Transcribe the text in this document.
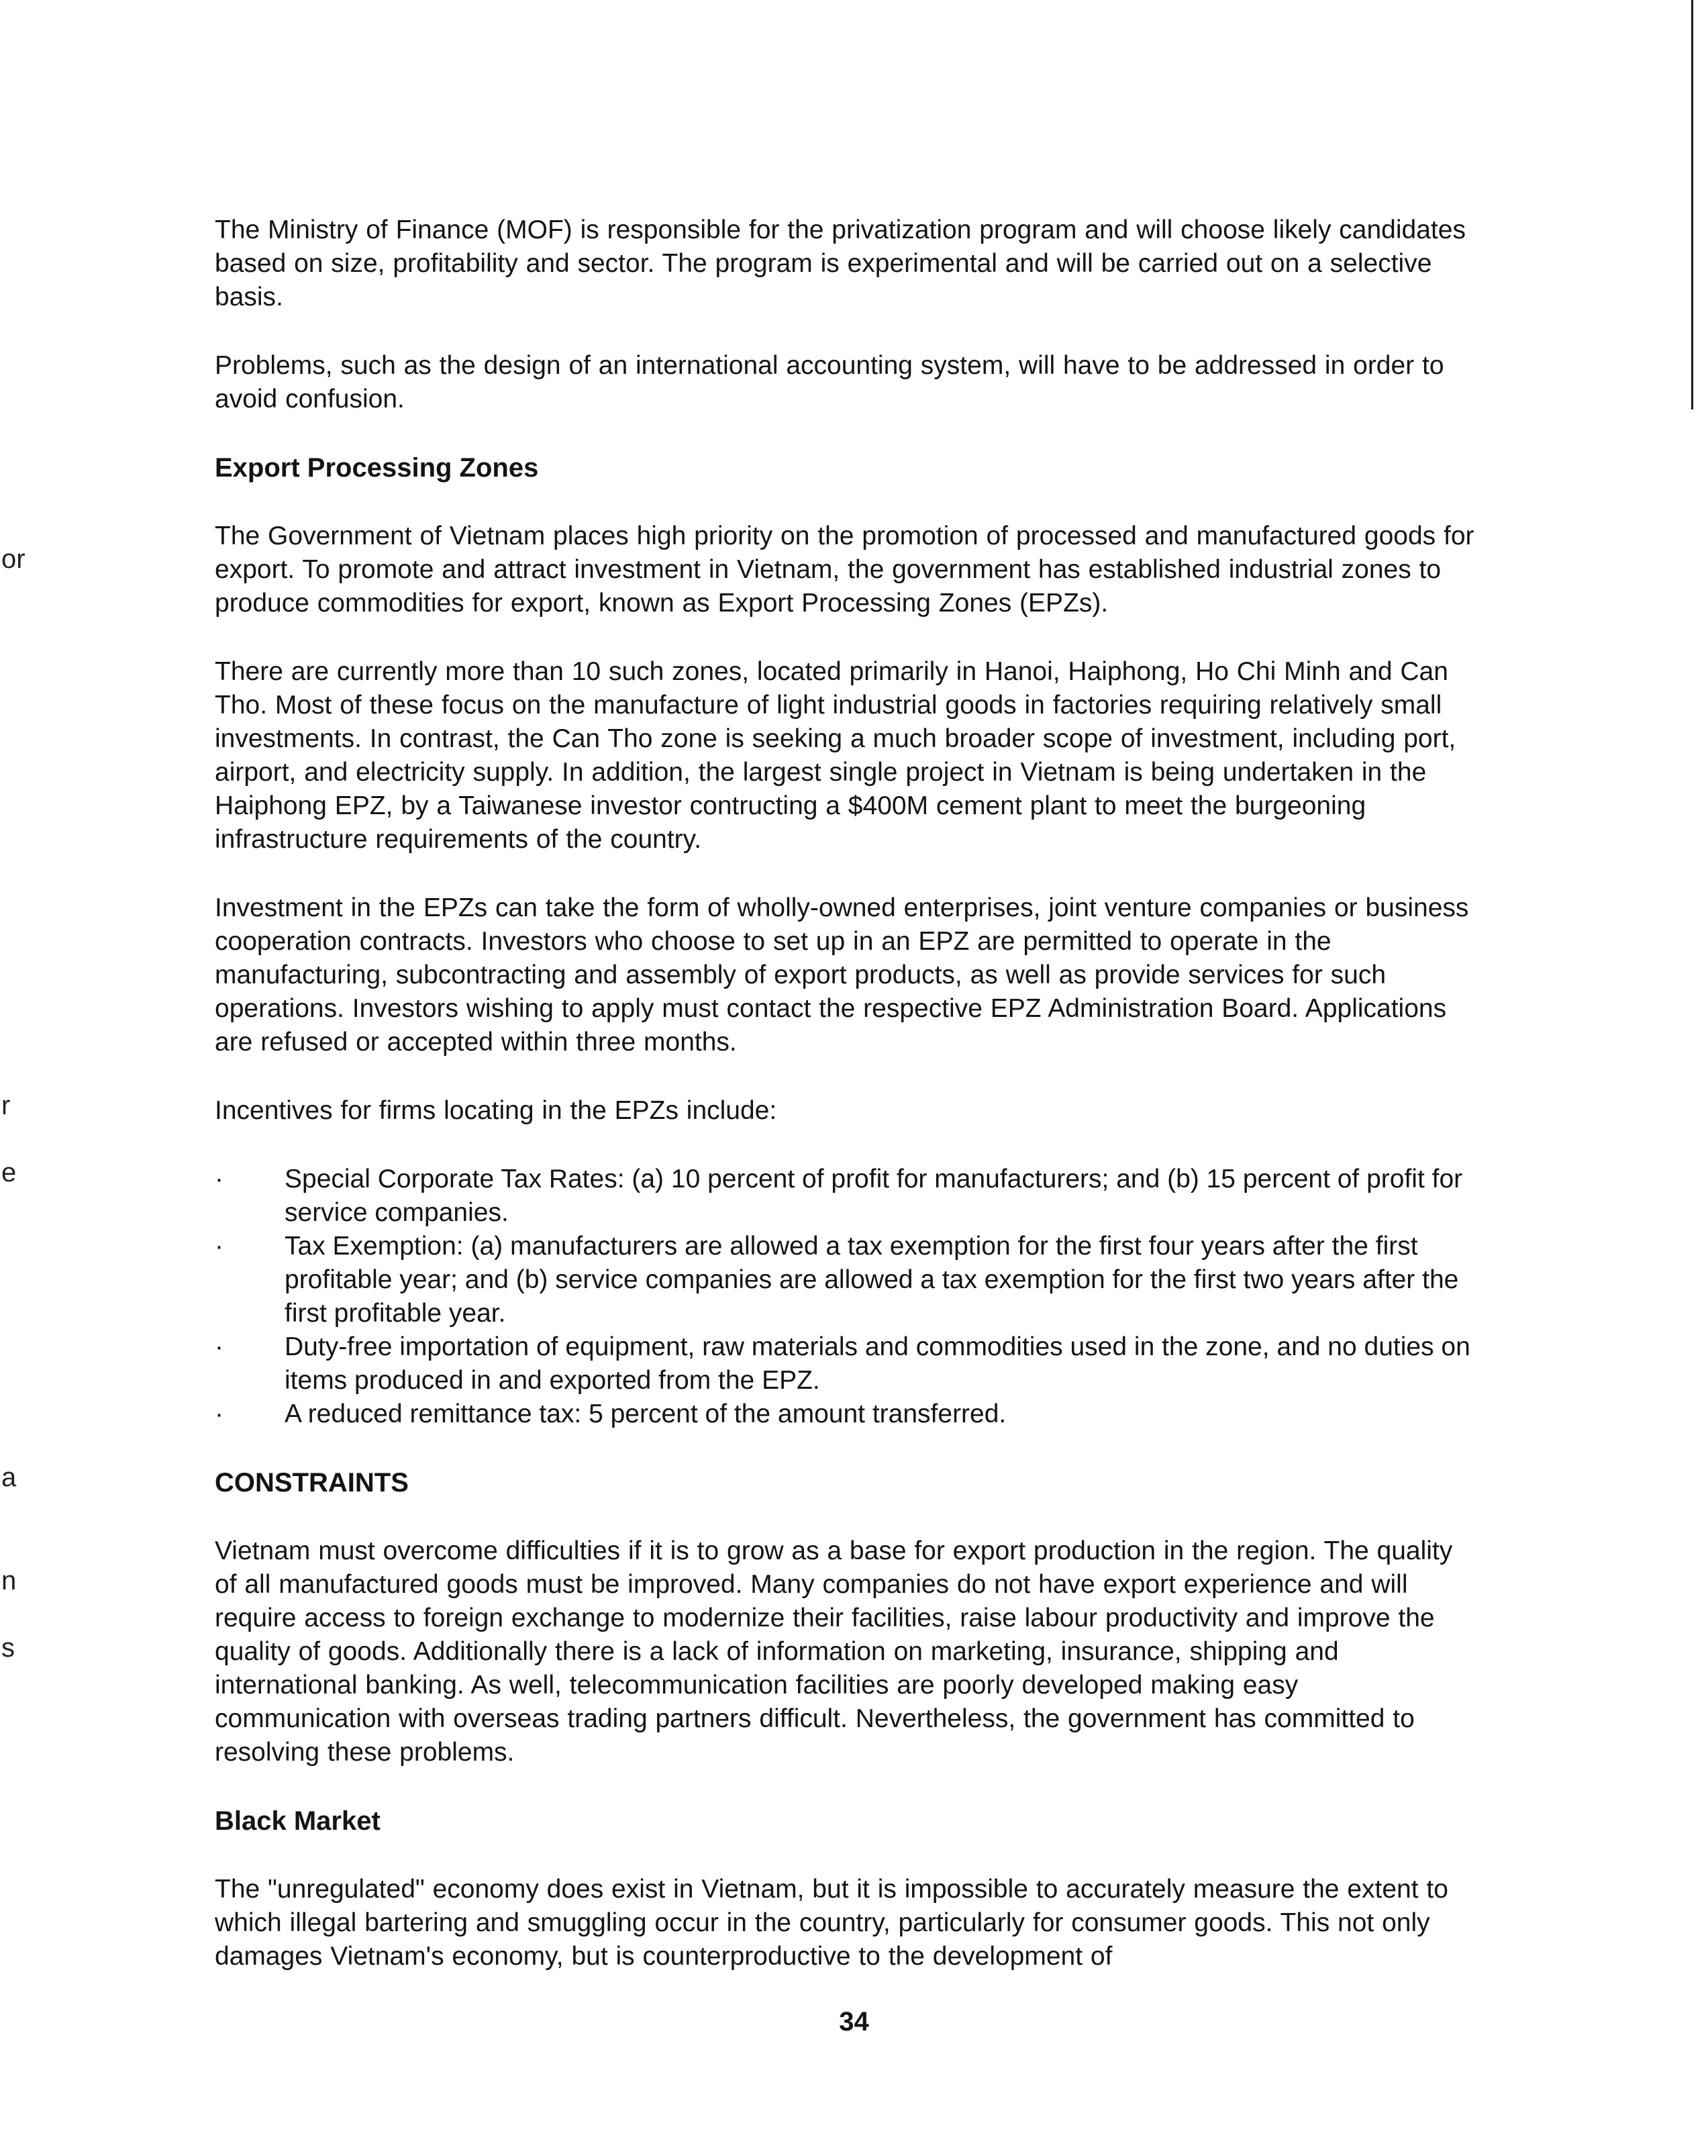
or
r
e
a
n
s

The Ministry of Finance (MOF) is responsible for the privatization program and will choose likely candidates based on size, profitability and sector. The program is experimental and will be carried out on a selective basis.

Problems, such as the design of an international accounting system, will have to be addressed in order to avoid confusion.

Export Processing Zones

The Government of Vietnam places high priority on the promotion of processed and manufactured goods for export. To promote and attract investment in Vietnam, the government has established industrial zones to produce commodities for export, known as Export Processing Zones (EPZs).

There are currently more than 10 such zones, located primarily in Hanoi, Haiphong, Ho Chi Minh and Can Tho. Most of these focus on the manufacture of light industrial goods in factories requiring relatively small investments. In contrast, the Can Tho zone is seeking a much broader scope of investment, including port, airport, and electricity supply. In addition, the largest single project in Vietnam is being undertaken in the Haiphong EPZ, by a Taiwanese investor contructing a $400M cement plant to meet the burgeoning infrastructure requirements of the country.

Investment in the EPZs can take the form of wholly-owned enterprises, joint venture companies or business cooperation contracts. Investors who choose to set up in an EPZ are permitted to operate in the manufacturing, subcontracting and assembly of export products, as well as provide services for such operations. Investors wishing to apply must contact the respective EPZ Administration Board. Applications are refused or accepted within three months.

Incentives for firms locating in the EPZs include:

·	Special Corporate Tax Rates: (a) 10 percent of profit for manufacturers; and (b) 15 percent of profit for service companies.
·	Tax Exemption: (a) manufacturers are allowed a tax exemption for the first four years after the first profitable year; and (b) service companies are allowed a tax exemption for the first two years after the first profitable year.
·	Duty-free importation of equipment, raw materials and commodities used in the zone, and no duties on items produced in and exported from the EPZ.
·	A reduced remittance tax: 5 percent of the amount transferred.
CONSTRAINTS

Vietnam must overcome difficulties if it is to grow as a base for export production in the region. The quality of all manufactured goods must be improved. Many companies do not have export experience and will require access to foreign exchange to modernize their facilities, raise labour productivity and improve the quality of goods. Additionally there is a lack of information on marketing, insurance, shipping and international banking. As well, telecommunication facilities are poorly developed making easy communication with overseas trading partners difficult. Nevertheless, the government has committed to resolving these problems.

Black Market

The "unregulated" economy does exist in Vietnam, but it is impossible to accurately measure the extent to which illegal bartering and smuggling occur in the country, particularly for consumer goods. This not only damages Vietnam's economy, but is counterproductive to the development of

34
